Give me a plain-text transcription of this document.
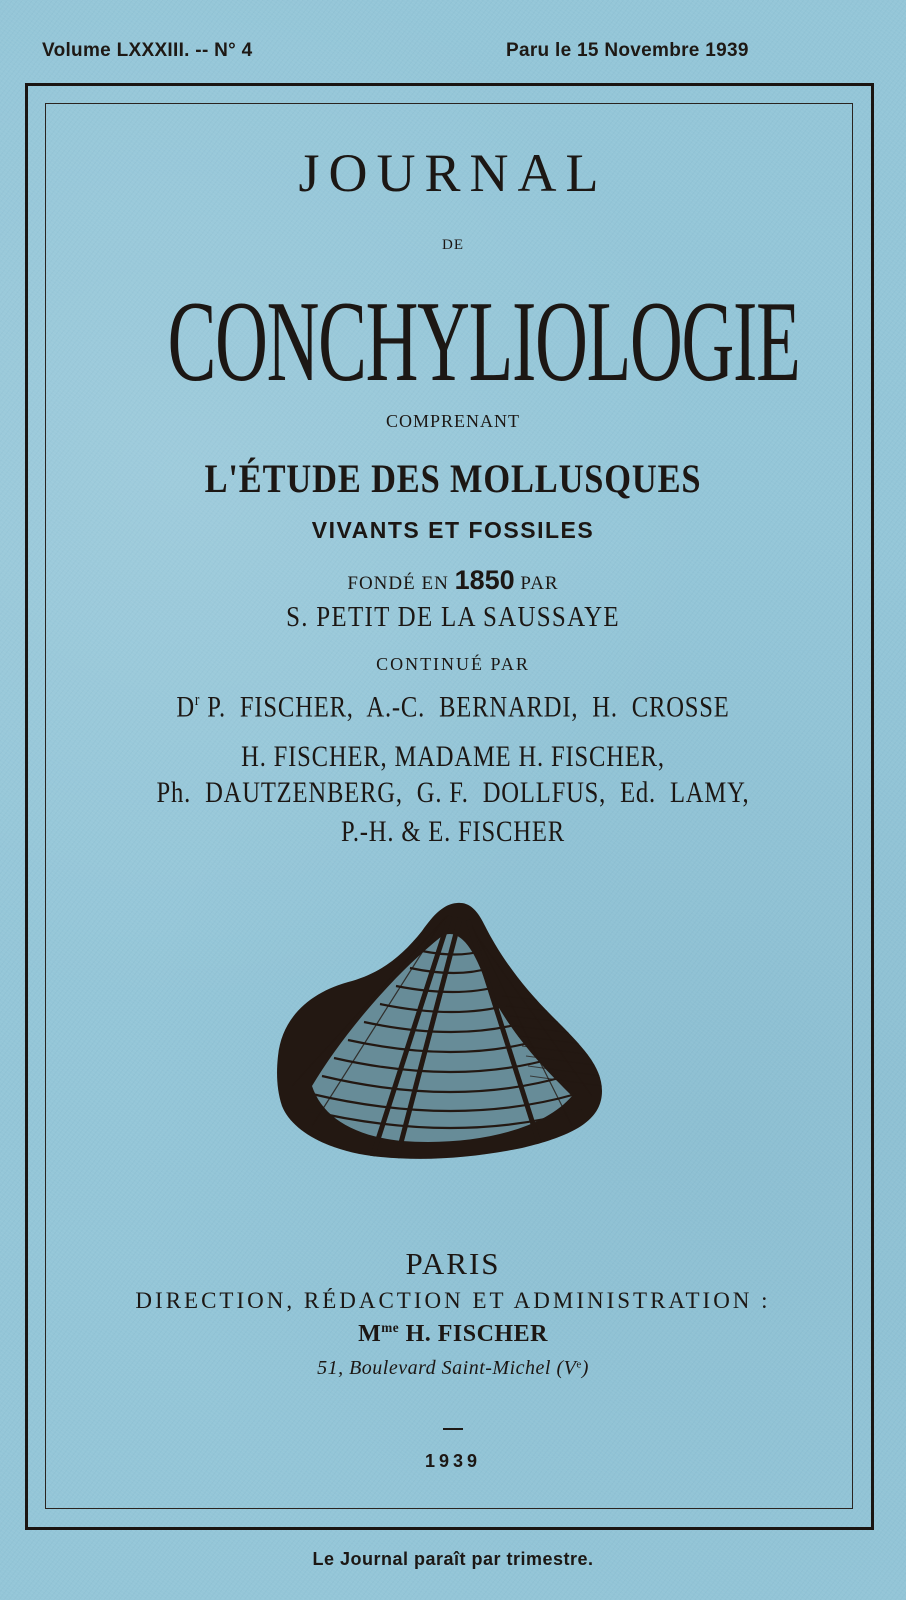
Volume LXXXIII. -- N° 4	Paru le 15 Novembre 1939
JOURNAL
DE
CONCHYLIOLOGIE
COMPRENANT
L'ÉTUDE DES MOLLUSQUES
VIVANTS ET FOSSILES
FONDÉ EN 1850 PAR
S. PETIT DE LA SAUSSAYE
CONTINUÉ PAR
$D^r$ P.  FISCHER,  A.-C.  BERNARDI,  H.  CROSSE
H. FISCHER, MADAME H. FISCHER,
Ph.  DAUTZENBERG,  G. F.  DOLLFUS,  Ed.  LAMY,
P.-H. & E. FISCHER
PARIS
DIRECTION, RÉDACTION ET ADMINISTRATION :
$M^{me}$ H. FISCHER
51, Boulevard Saint-Michel (Ve)
1939
Le Journal paraît par trimestre.
